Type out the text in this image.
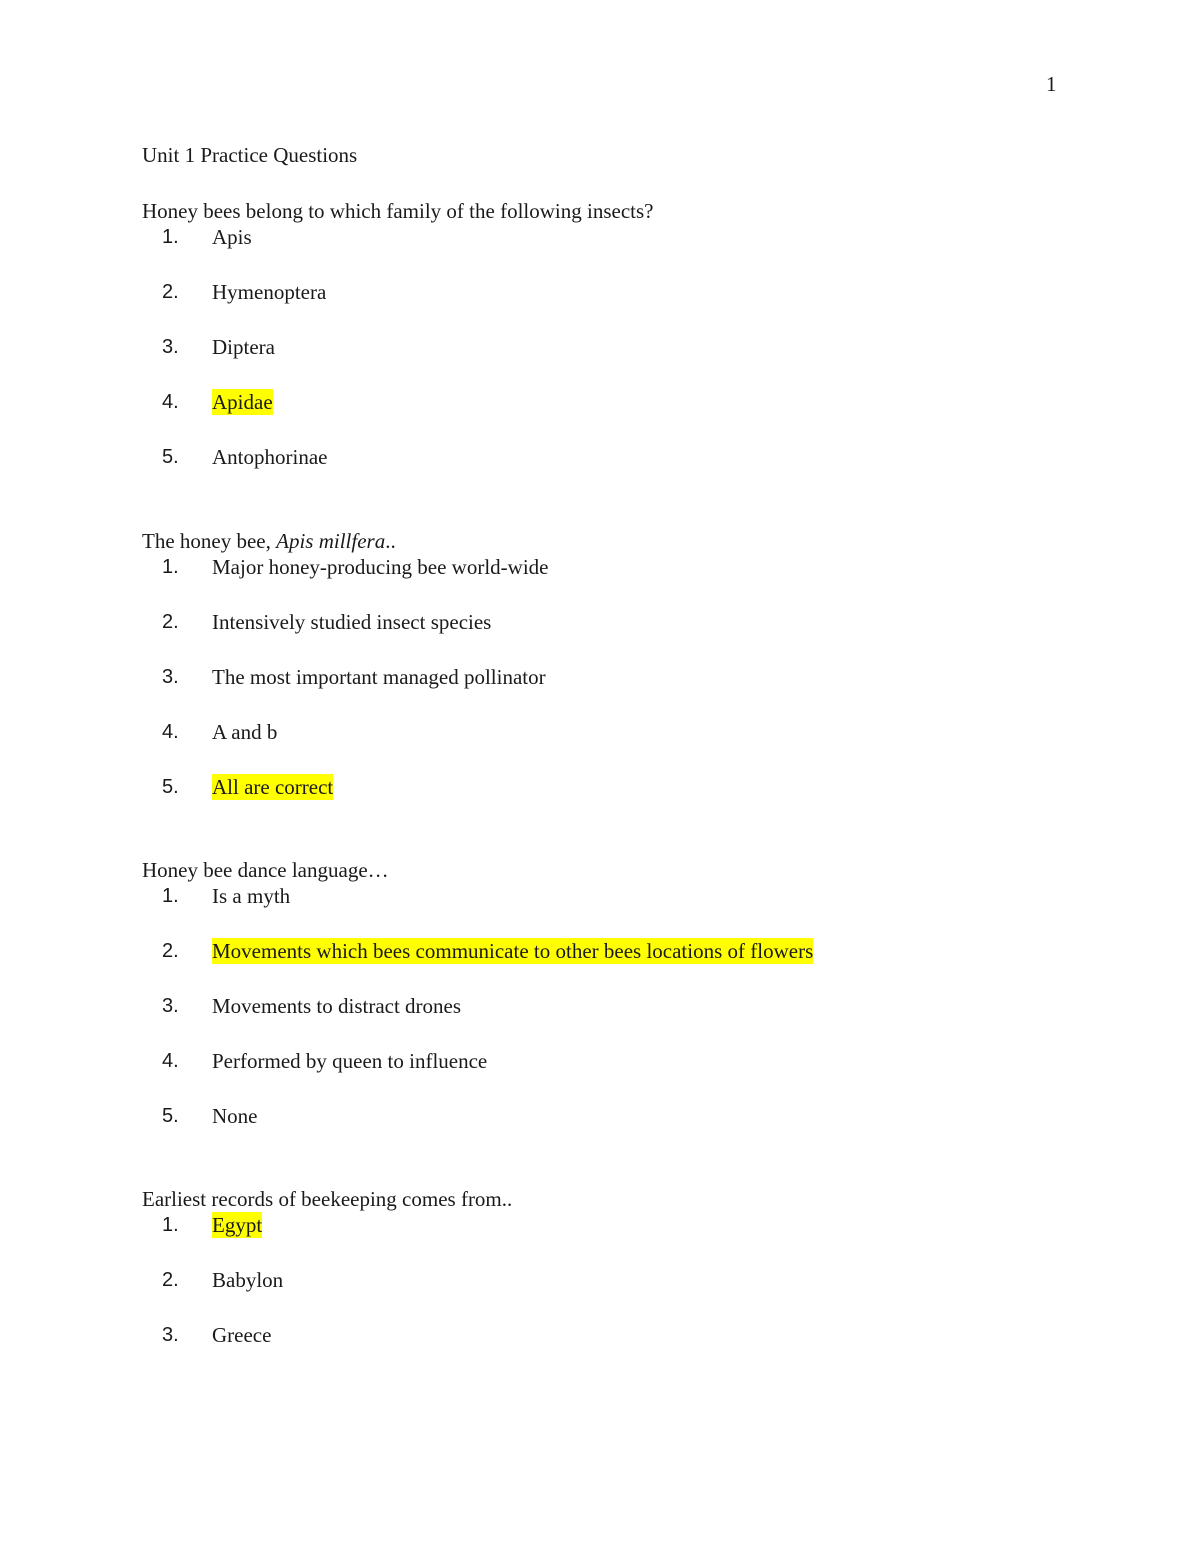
1
Unit 1 Practice Questions
Honey bees belong to which family of the following insects?
1. Apis
2. Hymenoptera
3. Diptera
4. Apidae
5. Antophorinae
The honey bee, Apis millfera..
1. Major honey-producing bee world-wide
2. Intensively studied insect species
3. The most important managed pollinator
4. A and b
5. All are correct
Honey bee dance language…
1. Is a myth
2. Movements which bees communicate to other bees locations of flowers
3. Movements to distract drones
4. Performed by queen to influence
5. None
Earliest records of beekeeping comes from..
1. Egypt
2. Babylon
3. Greece
